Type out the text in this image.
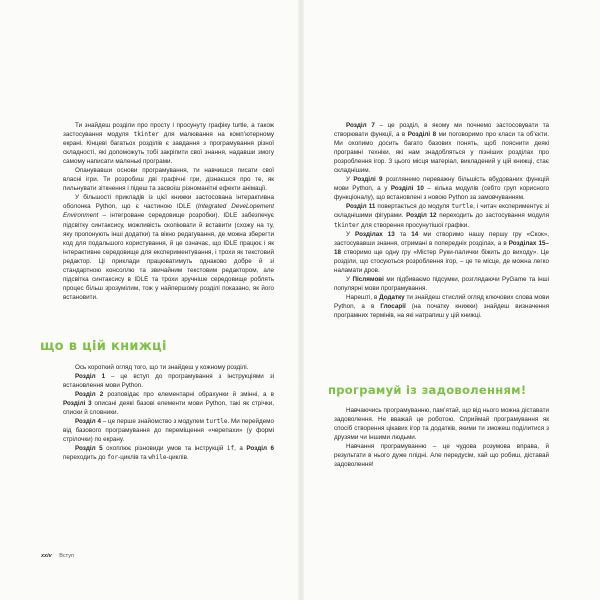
Ти знайдеш розділи про просту і просунуту графіку turtle, а також застосування модуля tkinter для малювання на комп’ютерному екрані. Кінцеві багатьох розділів є завдання з програмування різної складності, які допоможуть тобі закріпити свої знання, надавши змогу самому написати маленькі програми.

Опанувавши основи програмування, ти навчишся писати свої власні ігри. Ти розробиш дві графічні гри, дізнаєшся про те, як пильнувати зіткнення і підеш та засвоїш різноманітні ефекти анімації.

У більшості прикладів із цієї книжки застосована інтерактивна оболонка Python, що є частиною IDLE (Integrated DeveLopement Environment – інтегроване середовище розробки). IDLE забезпечує підсвітку синтаксису, можливість скопіювати й вставити (схожу на ту, яку пропонують інші додатки) та вікно редагування, де можна зберегти код для подальшого користування, й це означає, що IDLE працює і як інтерактивне середовище для експериментування, і трохи як текстовий редактор. Ці приклади працюватимуть однаково добре й зі стандартною консоллю та звичайним текстовим редактором, але підсвітка синтаксису в IDLE та трохи зручніше середовище роблять процес більш зрозумілим, тож у найпершому розділі показано, як його встановити.

що в цій книжці

Ось короткий огляд того, що ти знайдеш у кожному розділі.

Розділ 1 – це вступ до програмування з інструкціями зі встановлення мови Python.

Розділ 2 розповідає про елементарні обрахунки й змінні, а в Розділі 3 описані деякі базові елементи мови Python, такі як стрічки, списки й словники.

Розділ 4 – це перше знайомство з модулем turtle. Ми перейдемо від базового програмування до переміщення «черепахи» (у формі стрілочки) по екрану.

Розділ 5 охоплює різновиди умов та інструкцій if, а Розділ 6 переходить до for-циклів та while-циклів.

xxiv Вступ

Розділ 7 – це розділ, в якому ми почнемо застосовувати та створювати функції, а в Розділі 8 ми поговоримо про класи та об’єкти. Ми охопимо досить багато базових понять, щоб пояснити деякі програмні техніки, які нам знадобляться у пізніших розділах про розроблення ігор. З цього місця матеріал, викладений у цій книжці, стає складнішим.

У Розділі 9 розглянемо переважну більшість вбудованих функцій мови Python, а у Розділі 10 – кілька модулів (себто груп корисного функціоналу), що встановлені з новою Python за замовчуванням.

Розділ 11 повертається до модуля turtle, і читач експериментує зі складнішими фігурами. Розділ 12 переходить до застосування модуля tkinter для створення просунутішої графіки.

У Розділах 13 та 14 ми створимо нашу першу гру «Скок», застосувавши знання, отримані в попередніх розділах, а в Розділах 15–18 створимо ще одну гру «Містер Руки-палички біжить до виходу». Це розділи, що стосуються розроблення ігор, – це те місце, де можна легко наламати дров.

У Післямові ми підбиваємо підсумки, розглядаючи PyGame та інші популярні мови програмування.

Нарешті, в Додатку ти знайдеш стислий огляд ключових слова мови Python, а в Глосарії (на початку книжки) знайдеш визначення програмних термінів, на які натрапиш у цій книжці.

програмуй із задоволенням!

Навчаючись програмуванню, пам’ятай, що від нього можна діставати задоволення. Не вважай це роботою. Сприймай програмування як спосіб створення цікавих ігор та додатків, якими ти зможеш поділитися з друзями чи іншими людьми.

Навчання програмуванню – це чудова розумова вправа, й результати в нього дуже плідні. Але передусім, хай що робиш, діставай задоволення!
